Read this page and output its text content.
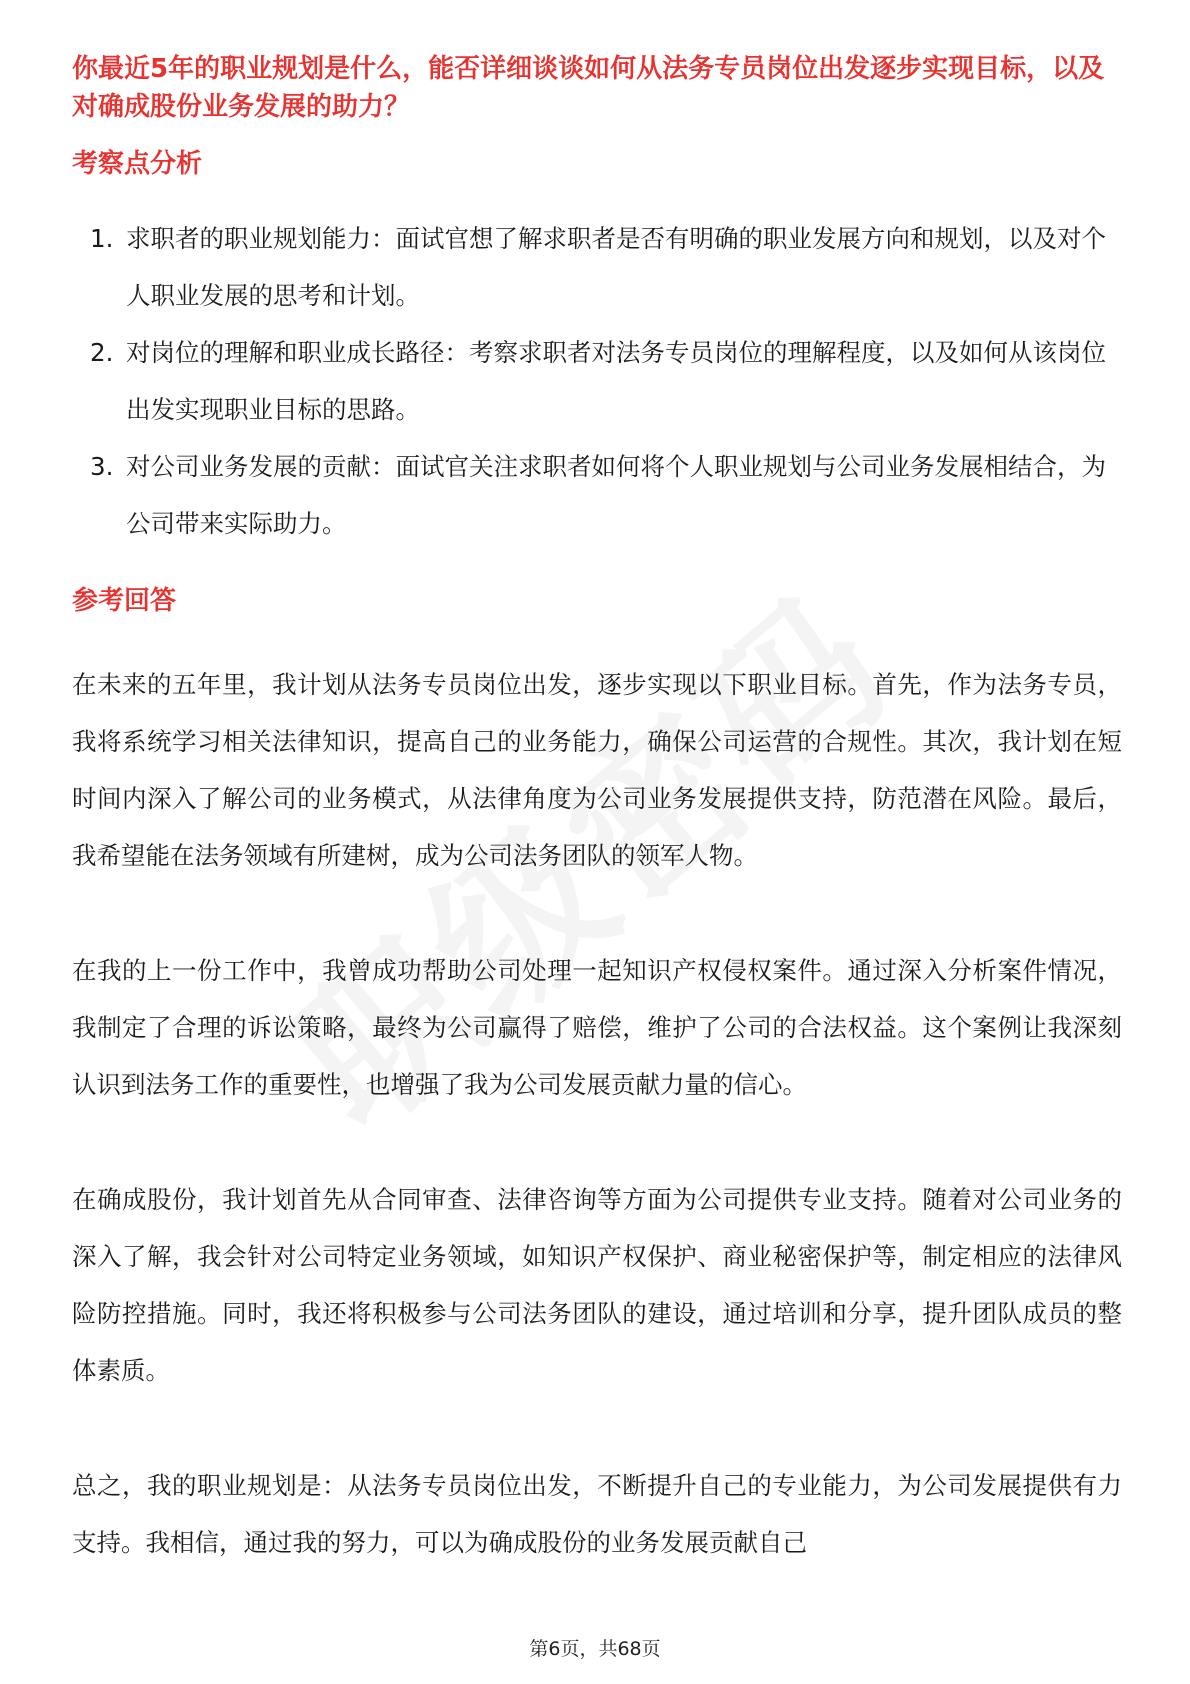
你最近5年的职业规划是什么，能否详细谈谈如何从法务专员岗位出发逐步实现目标，以及对确成股份业务发展的助力？
考察点分析
1. 求职者的职业规划能力：面试官想了解求职者是否有明确的职业发展方向和规划，以及对个人职业发展的思考和计划。
2. 对岗位的理解和职业成长路径：考察求职者对法务专员岗位的理解程度，以及如何从该岗位出发实现职业目标的思路。
3. 对公司业务发展的贡献：面试官关注求职者如何将个人职业规划与公司业务发展相结合，为公司带来实际助力。
参考回答

在未来的五年里，我计划从法务专员岗位出发，逐步实现以下职业目标。首先，作为法务专员，我将系统学习相关法律知识，提高自己的业务能力，确保公司运营的合规性。其次，我计划在短时间内深入了解公司的业务模式，从法律角度为公司业务发展提供支持，防范潜在风险。最后，我希望能在法务领域有所建树，成为公司法务团队的领军人物。

在我的上一份工作中，我曾成功帮助公司处理一起知识产权侵权案件。通过深入分析案件情况，我制定了合理的诉讼策略，最终为公司赢得了赔偿，维护了公司的合法权益。这个案例让我深刻认识到法务工作的重要性，也增强了我为公司发展贡献力量的信心。

在确成股份，我计划首先从合同审查、法律咨询等方面为公司提供专业支持。随着对公司业务的深入了解，我会针对公司特定业务领域，如知识产权保护、商业秘密保护等，制定相应的法律风险防控措施。同时，我还将积极参与公司法务团队的建设，通过培训和分享，提升团队成员的整体素质。

总之，我的职业规划是：从法务专员岗位出发，不断提升自己的专业能力，为公司发展提供有力支持。我相信，通过我的努力，可以为确成股份的业务发展贡献自己

第6页，共68页
